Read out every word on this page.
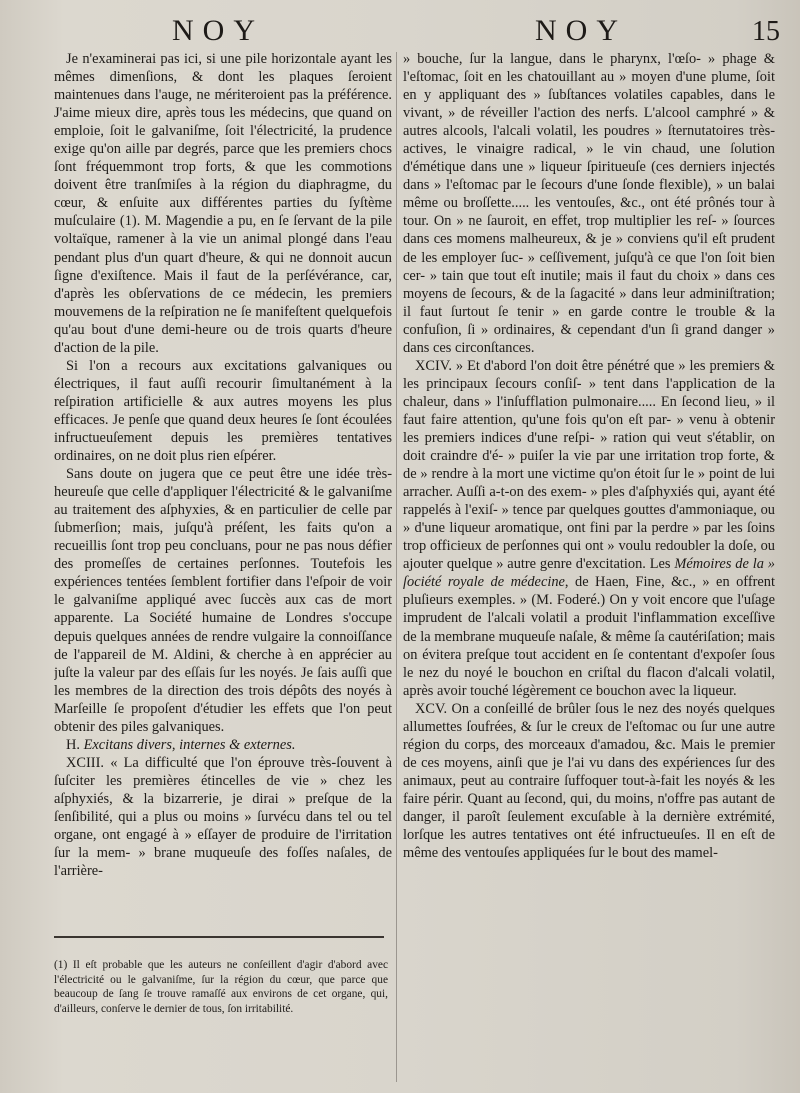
NOY	NOY	15

Je n'examinerai pas ici, si une pile horizontale ayant les mêmes dimenſions, & dont les plaques ſeroient maintenues dans l'auge, ne mériteroient pas la préférence. J'aime mieux dire, après tous les médecins, que quand on emploie, ſoit le galvaniſme, ſoit l'électricité, la prudence exige qu'on aille par degrés, parce que les premiers chocs ſont fréquemmont trop forts, & que les commotions doivent être tranſmiſes à la région du diaphragme, du cœur, & enſuite aux différentes parties du ſyſtème muſculaire (1). M. Magendie a pu, en ſe ſervant de la pile voltaïque, ramener à la vie un animal plongé dans l'eau pendant plus d'un quart d'heure, & qui ne donnoit aucun ſigne d'exiſtence. Mais il faut de la perſévérance, car, d'après les obſervations de ce médecin, les premiers mouvemens de la reſpiration ne ſe manifeſtent quelquefois qu'au bout d'une demi-heure ou de trois quarts d'heure d'action de la pile.

Si l'on a recours aux excitations galvaniques ou électriques, il faut auſſi recourir ſimultanément à la reſpiration artificielle & aux autres moyens les plus efficaces. Je penſe que quand deux heures ſe ſont écoulées infructueuſement depuis les premières tentatives ordinaires, on ne doit plus rien eſpérer.

Sans doute on jugera que ce peut être une idée très-heureuſe que celle d'appliquer l'électricité & le galvaniſme au traitement des aſphyxies, & en particulier de celle par ſubmerſion; mais, juſqu'à préſent, les faits qu'on a recueillis ſont trop peu concluans, pour ne pas nous défier des promeſſes de certaines perſonnes. Toutefois les expériences tentées ſemblent fortifier dans l'eſpoir de voir le galvaniſme appliqué avec ſuccès aux cas de mort apparente. La Société humaine de Londres s'occupe depuis quelques années de rendre vulgaire la connoiſſance de l'appareil de M. Aldini, & cherche à en apprécier au juſte la valeur par des eſſais ſur les noyés. Je ſais auſſi que les membres de la direction des trois dépôts des noyés à Marſeille ſe propoſent d'étudier les effets que l'on peut obtenir des piles galvaniques.

H. Excitans divers, internes & externes.

XCIII. « La difficulté que l'on éprouve très-ſouvent à ſuſciter les premières étincelles de vie » chez les aſphyxiés, & la bizarrerie, je dirai » preſque de la ſenſibilité, qui a plus ou moins » ſurvécu dans tel ou tel organe, ont engagé à » eſſayer de produire de l'irritation ſur la mem- » brane muqueuſe des foſſes naſales, de l'arrière-

(1) Il eſt probable que les auteurs ne conſeillent d'agir d'abord avec l'électricité ou le galvaniſme, ſur la région du cœur, que parce que beaucoup de ſang ſe trouve ramaſſé aux environs de cet organe, qui, d'ailleurs, conſerve le dernier de tous, ſon irritabilité.

» bouche, ſur la langue, dans le pharynx, l'œſo- » phage & l'eſtomac, ſoit en les chatouillant au » moyen d'une plume, ſoit en y appliquant des » ſubſtances volatiles capables, dans le vivant, » de réveiller l'action des nerfs. L'alcool camphré » & autres alcools, l'alcali volatil, les poudres » ſternutatoires très-actives, le vinaigre radical, » le vin chaud, une ſolution d'émétique dans une » liqueur ſpiritueuſe (ces derniers injectés dans » l'eſtomac par le ſecours d'une ſonde flexible), » un balai même ou broſſette..... les ventouſes, &c., ont été prônés tour à tour. On » ne ſauroit, en effet, trop multiplier les reſ- » ſources dans ces momens malheureux, & je » conviens qu'il eſt prudent de les employer ſuc- » ceſſivement, juſqu'à ce que l'on ſoit bien cer- » tain que tout eſt inutile; mais il faut du choix » dans ces moyens de ſecours, & de la ſagacité » dans leur adminiſtration; il faut ſurtout ſe tenir » en garde contre le trouble & la confuſion, ſi » ordinaires, & cependant d'un ſi grand danger » dans ces circonſtances.

XCIV. » Et d'abord l'on doit être pénétré que » les premiers & les principaux ſecours conſiſ- » tent dans l'application de la chaleur, dans » l'inſufflation pulmonaire..... En ſecond lieu, » il faut faire attention, qu'une fois qu'on eſt par- » venu à obtenir les premiers indices d'une reſpi- » ration qui veut s'établir, on doit craindre d'é- » puiſer la vie par une irritation trop forte, & de » rendre à la mort une victime qu'on étoit ſur le » point de lui arracher. Auſſi a-t-on des exem- » ples d'aſphyxiés qui, ayant été rappelés à l'exiſ- » tence par quelques gouttes d'ammoniaque, ou » d'une liqueur aromatique, ont fini par la perdre » par les ſoins trop officieux de perſonnes qui ont » voulu redoubler la doſe, ou ajouter quelque » autre genre d'excitation. Les Mémoires de la » ſociété royale de médecine, de Haen, Fine, &c., » en offrent pluſieurs exemples. » (M. Foderé.) On y voit encore que l'uſage imprudent de l'alcali volatil a produit l'inflammation exceſſive de la membrane muqueuſe naſale, & même ſa cautériſation; mais on évitera preſque tout accident en ſe contentant d'expoſer ſous le nez du noyé le bouchon en criſtal du flacon d'alcali volatil, après avoir touché légèrement ce bouchon avec la liqueur.

XCV. On a conſeillé de brûler ſous le nez des noyés quelques allumettes ſoufrées, & ſur le creux de l'eſtomac ou ſur une autre région du corps, des morceaux d'amadou, &c. Mais le premier de ces moyens, ainſi que je l'ai vu dans des expériences ſur des animaux, peut au contraire ſuffoquer tout-à-fait les noyés & les faire périr. Quant au ſecond, qui, du moins, n'offre pas autant de danger, il paroît ſeulement excuſable à la dernière extrémité, lorſque les autres tentatives ont été infructueuſes. Il en eſt de même des ventouſes appliquées ſur le bout des mamel-
